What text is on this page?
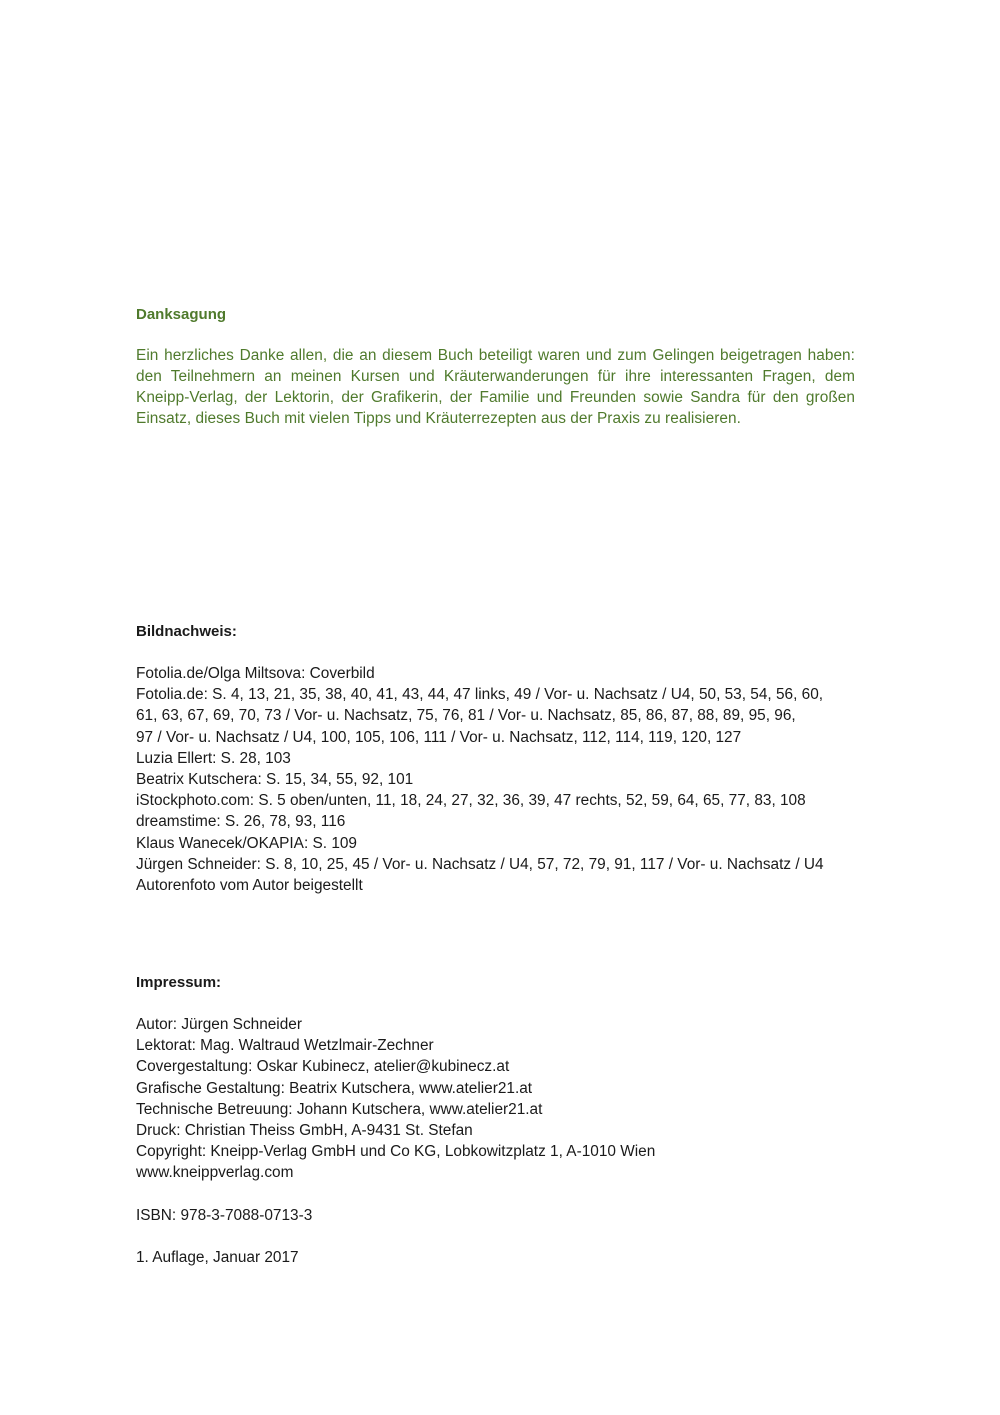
Danksagung

Ein herzliches Danke allen, die an diesem Buch beteiligt waren und zum Gelingen beigetragen haben: den Teilnehmern an meinen Kursen und Kräuterwanderungen für ihre interessanten Fragen, dem Kneipp-Verlag, der Lektorin, der Grafikerin, der Familie und Freunden sowie Sandra für den großen Einsatz, dieses Buch mit vielen Tipps und Kräuterrezepten aus der Praxis zu realisieren.

Bildnachweis:
Fotolia.de/Olga Miltsova: Coverbild
Fotolia.de: S. 4, 13, 21, 35, 38, 40, 41, 43, 44, 47 links, 49 / Vor- u. Nachsatz / U4, 50, 53, 54, 56, 60,
61, 63, 67, 69, 70, 73 / Vor- u. Nachsatz, 75, 76, 81 / Vor- u. Nachsatz, 85, 86, 87, 88, 89, 95, 96,
97 / Vor- u. Nachsatz / U4, 100, 105, 106, 111 / Vor- u. Nachsatz, 112, 114, 119, 120, 127
Luzia Ellert: S. 28, 103
Beatrix Kutschera: S. 15, 34, 55, 92, 101
iStockphoto.com: S. 5 oben/unten, 11, 18, 24, 27, 32, 36, 39, 47 rechts, 52, 59, 64, 65, 77, 83, 108
dreamstime: S. 26, 78, 93, 116
Klaus Wanecek/OKAPIA: S. 109
Jürgen Schneider: S. 8, 10, 25, 45 / Vor- u. Nachsatz / U4, 57, 72, 79, 91, 117 / Vor- u. Nachsatz / U4
Autorenfoto vom Autor beigestellt
Impressum:
Autor: Jürgen Schneider
Lektorat: Mag. Waltraud Wetzlmair-Zechner
Covergestaltung: Oskar Kubinecz, atelier@kubinecz.at
Grafische Gestaltung: Beatrix Kutschera, www.atelier21.at
Technische Betreuung: Johann Kutschera, www.atelier21.at
Druck: Christian Theiss GmbH, A-9431 St. Stefan
Copyright: Kneipp-Verlag GmbH und Co KG, Lobkowitzplatz 1, A-1010 Wien
www.kneippverlag.com
ISBN: 978-3-7088-0713-3
1. Auflage, Januar 2017
